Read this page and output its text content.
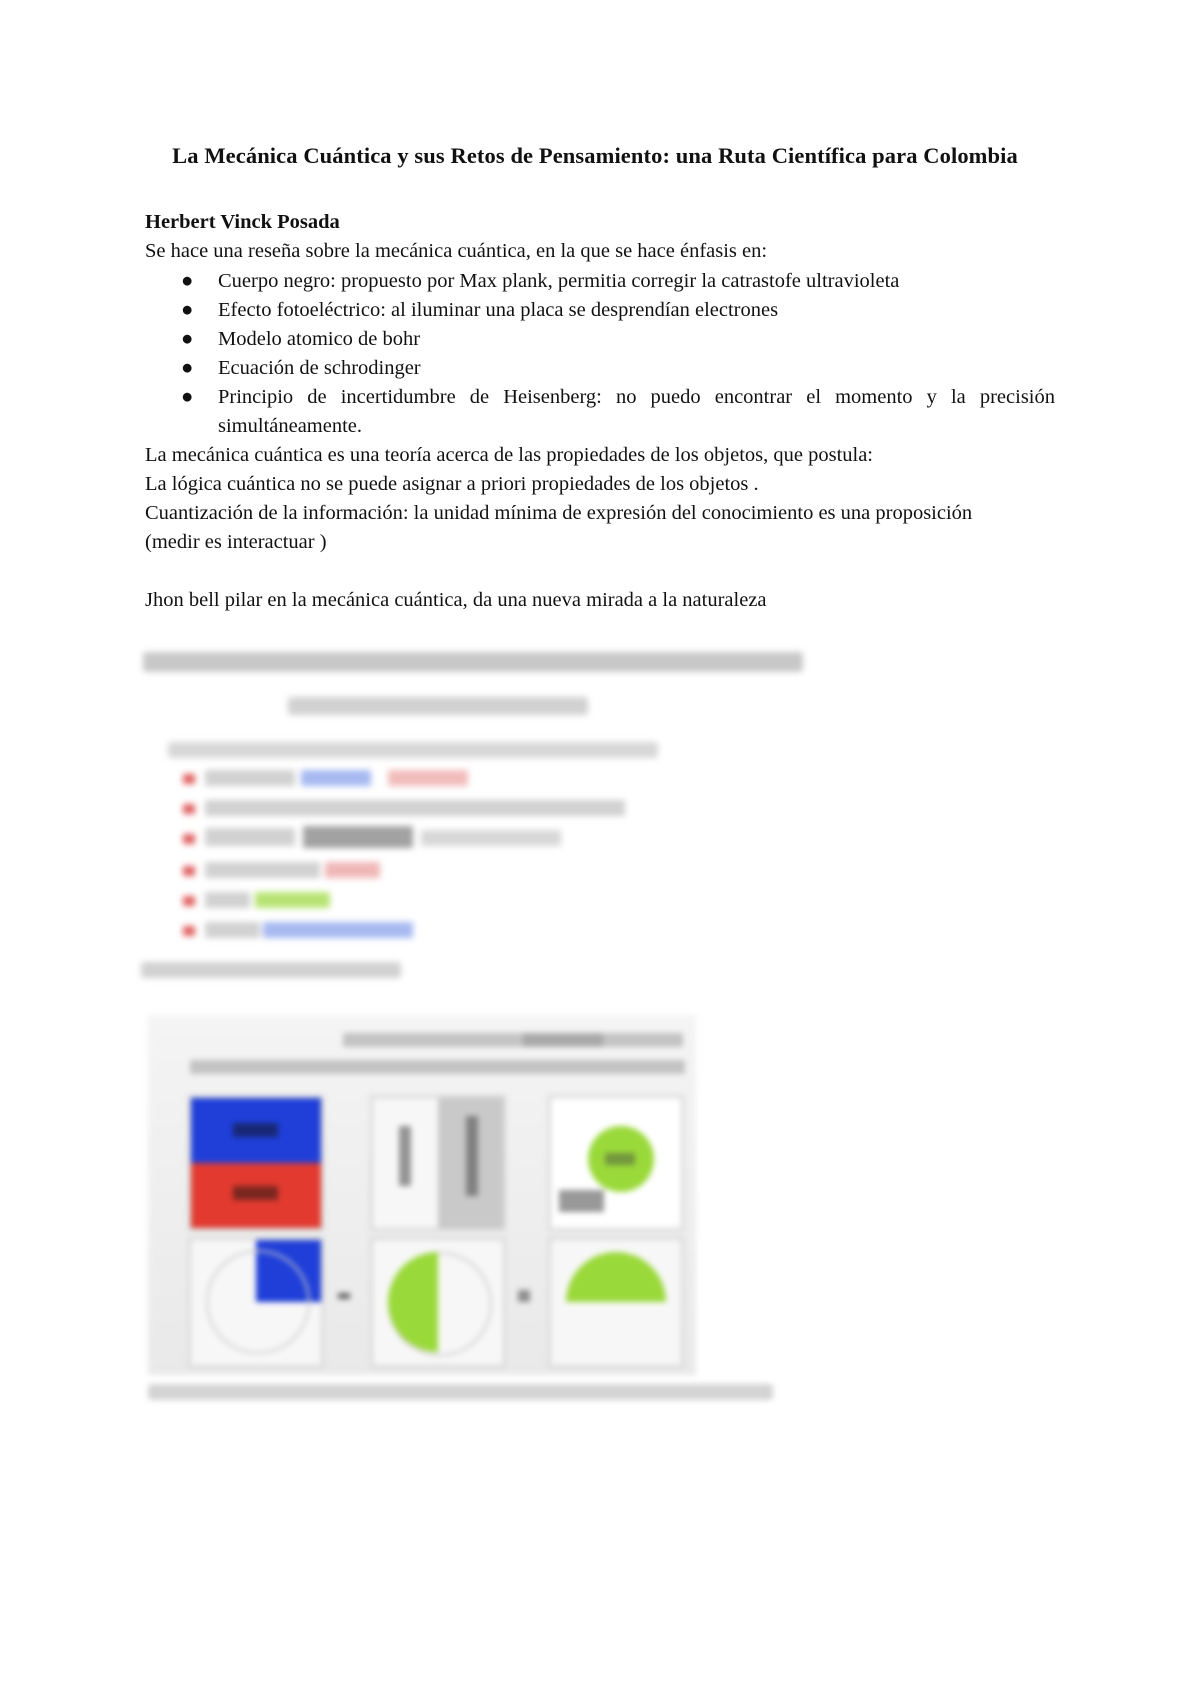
La Mecánica Cuántica y sus Retos de Pensamiento: una Ruta Científica para Colombia
Herbert Vinck Posada
Se hace una reseña sobre la mecánica cuántica, en la que se hace énfasis en:
● Cuerpo negro: propuesto por Max plank, permitia corregir la catrastofe ultravioleta
● Efecto fotoeléctrico: al iluminar una placa se desprendían electrones
● Modelo atomico de bohr
● Ecuación de schrodinger
● Principio de incertidumbre de Heisenberg: no puedo encontrar el momento y la precisión
simultáneamente.
La mecánica cuántica es una teoría acerca de las propiedades de los objetos, que postula:
La lógica cuántica no se puede asignar a priori propiedades de los objetos .
Cuantización de la información: la unidad mínima de expresión del conocimiento es una proposición
(medir es interactuar )
Jhon bell pilar en la mecánica cuántica, da una nueva mirada a la naturaleza
